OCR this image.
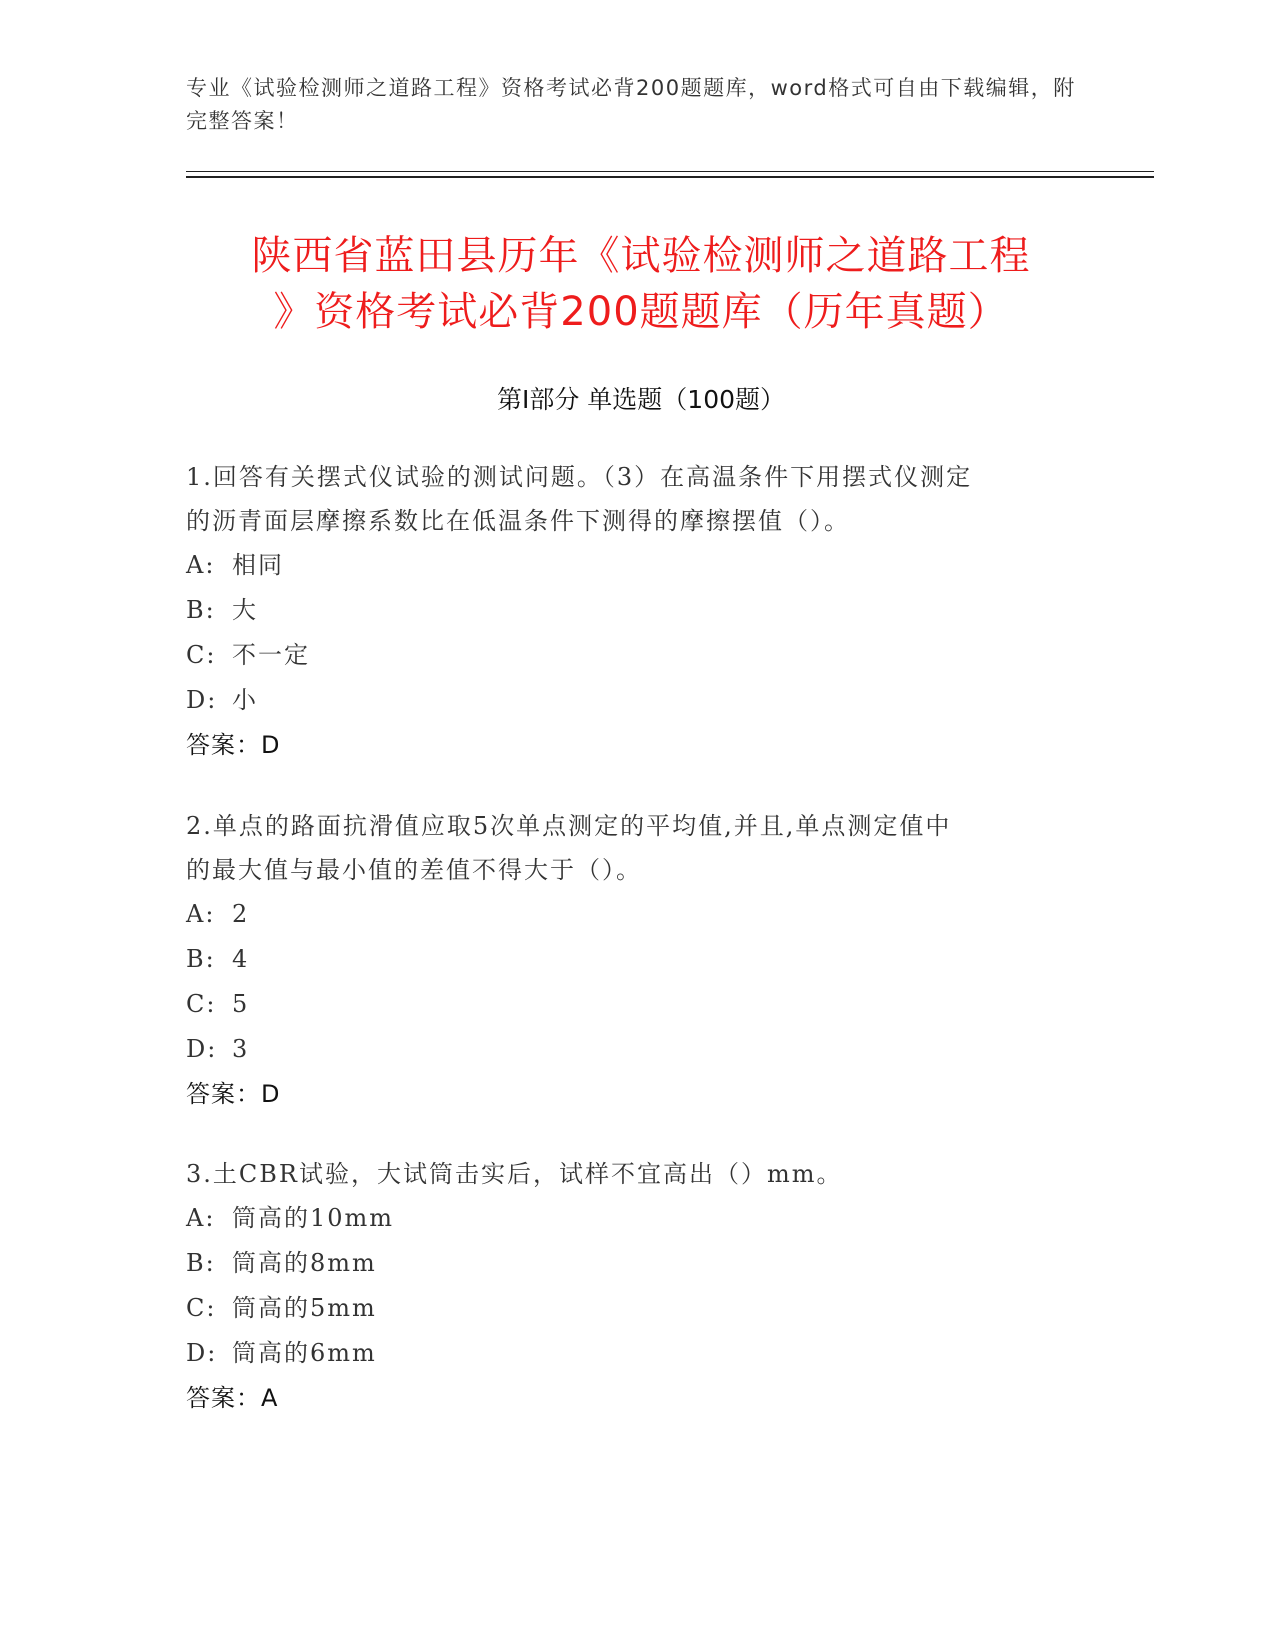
专业《试验检测师之道路工程》资格考试必背200题题库，word格式可自由下载编辑，附完整答案！
陕西省蓝田县历年《试验检测师之道路工程
》资格考试必背200题题库（历年真题）
第I部分 单选题（100题）

1.回答有关摆式仪试验的测试问题。（3）在高温条件下用摆式仪测定

的沥青面层摩擦系数比在低温条件下测得的摩擦摆值（）。

A: 相同

B: 大

C: 不一定

D: 小

答案：D

2.单点的路面抗滑值应取5次单点测定的平均值,并且,单点测定值中

的最大值与最小值的差值不得大于（）。

A: 2

B: 4

C: 5

D: 3

答案：D

3.土CBR试验，大试筒击实后，试样不宜高出（）mm。

A: 筒高的10mm

B: 筒高的8mm

C: 筒高的5mm

D: 筒高的6mm

答案：A
